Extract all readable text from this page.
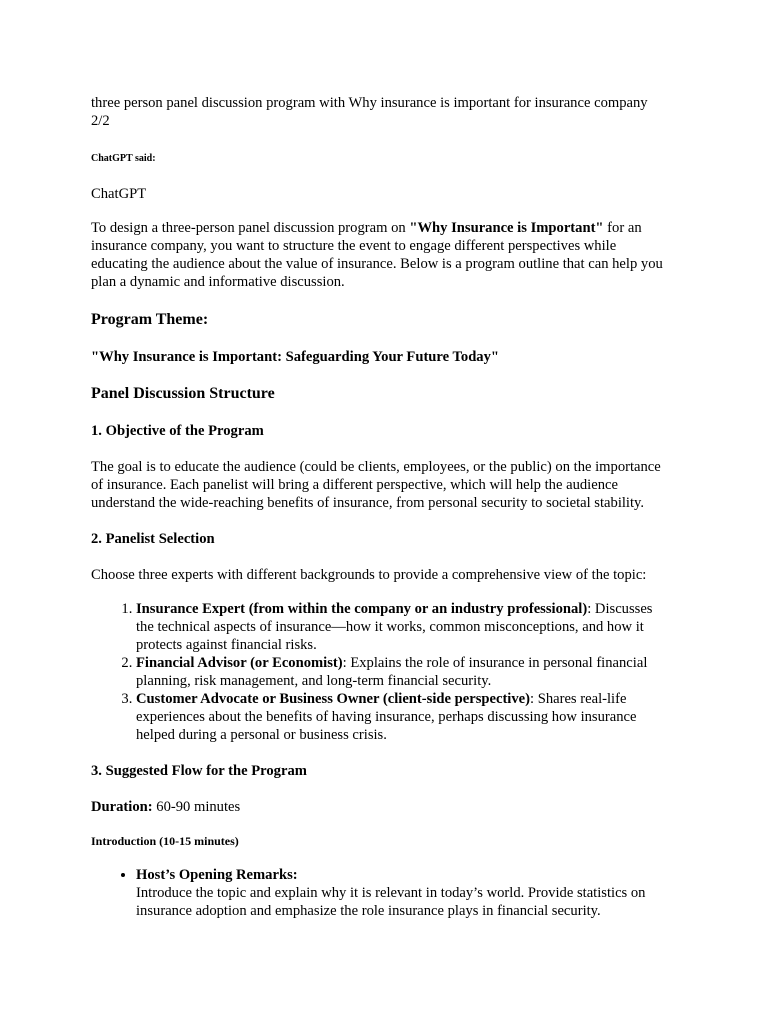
three person panel discussion program with Why insurance is important for insurance company
2/2

ChatGPT said:

ChatGPT

To design a three-person panel discussion program on "Why Insurance is Important" for an insurance company, you want to structure the event to engage different perspectives while educating the audience about the value of insurance. Below is a program outline that can help you plan a dynamic and informative discussion.

Program Theme:
"Why Insurance is Important: Safeguarding Your Future Today"
Panel Discussion Structure
1. Objective of the Program

The goal is to educate the audience (could be clients, employees, or the public) on the importance of insurance. Each panelist will bring a different perspective, which will help the audience understand the wide-reaching benefits of insurance, from personal security to societal stability.

2. Panelist Selection

Choose three experts with different backgrounds to provide a comprehensive view of the topic:

1. Insurance Expert (from within the company or an industry professional): Discusses the technical aspects of insurance—how it works, common misconceptions, and how it protects against financial risks.
2. Financial Advisor (or Economist): Explains the role of insurance in personal financial planning, risk management, and long-term financial security.
3. Customer Advocate or Business Owner (client-side perspective): Shares real-life experiences about the benefits of having insurance, perhaps discussing how insurance helped during a personal or business crisis.
3. Suggested Flow for the Program

Duration: 60-90 minutes

Introduction (10-15 minutes)
• Host’s Opening Remarks:
Introduce the topic and explain why it is relevant in today’s world. Provide statistics on insurance adoption and emphasize the role insurance plays in financial security.
